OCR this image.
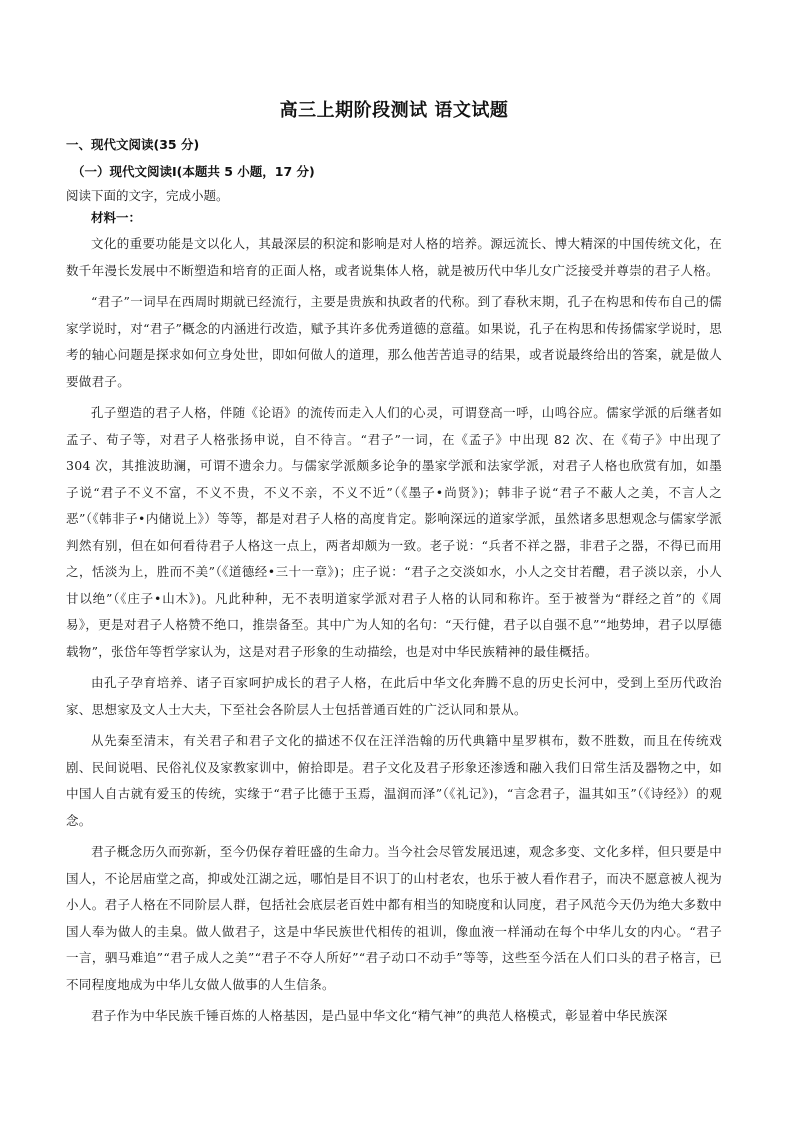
高三上期阶段测试 语文试题
一、现代文阅读(35 分)
（一）现代文阅读Ⅰ(本题共 5 小题，17 分)
阅读下面的文字，完成小题。
材料一：

文化的重要功能是文以化人，其最深层的积淀和影响是对人格的培养。源远流长、博大精深的中国传统文化，在数千年漫长发展中不断塑造和培育的正面人格，或者说集体人格，就是被历代中华儿女广泛接受并尊崇的君子人格。

“君子”一词早在西周时期就已经流行，主要是贵族和执政者的代称。到了春秋末期，孔子在构思和传布自己的儒家学说时，对“君子”概念的内涵进行改造，赋予其许多优秀道德的意蕴。如果说，孔子在构思和传扬儒家学说时，思考的轴心问题是探求如何立身处世，即如何做人的道理，那么他苦苦追寻的结果，或者说最终给出的答案，就是做人要做君子。

孔子塑造的君子人格，伴随《论语》的流传而走入人们的心灵，可谓登高一呼，山鸣谷应。儒家学派的后继者如孟子、荀子等，对君子人格张扬申说，自不待言。“君子”一词，在《孟子》中出现 82 次、在《荀子》中出现了 304 次，其推波助澜，可谓不遗余力。与儒家学派颇多论争的墨家学派和法家学派，对君子人格也欣赏有加，如墨子说“君子不义不富，不义不贵，不义不亲，不义不近”（《墨子•尚贤》)；韩非子说“君子不蔽人之美，不言人之恶”（《韩非子•内储说上》）等等，都是对君子人格的高度肯定。影响深远的道家学派，虽然诸多思想观念与儒家学派判然有别，但在如何看待君子人格这一点上，两者却颇为一致。老子说：“兵者不祥之器，非君子之器，不得已而用之，恬淡为上，胜而不美”（《道德经•三十一章》)；庄子说：“君子之交淡如水，小人之交甘若醴，君子淡以亲，小人甘以绝”（《庄子•山木》)。凡此种种，无不表明道家学派对君子人格的认同和称许。至于被誉为“群经之首”的《周易》，更是对君子人格赞不绝口，推崇备至。其中广为人知的名句：“天行健，君子以自强不息”“地势坤，君子以厚德载物”，张岱年等哲学家认为，这是对君子形象的生动描绘，也是对中华民族精神的最佳概括。

由孔子孕育培养、诸子百家呵护成长的君子人格，在此后中华文化奔腾不息的历史长河中，受到上至历代政治家、思想家及文人士大夫，下至社会各阶层人士包括普通百姓的广泛认同和景从。

从先秦至清末，有关君子和君子文化的描述不仅在汪洋浩翰的历代典籍中星罗棋布，数不胜数，而且在传统戏剧、民间说唱、民俗礼仪及家教家训中，俯拾即是。君子文化及君子形象还渗透和融入我们日常生活及器物之中，如中国人自古就有爱玉的传统，实缘于“君子比德于玉焉，温润而泽”（《礼记》)，“言念君子，温其如玉”（《诗经》）的观念。

君子概念历久而弥新，至今仍保存着旺盛的生命力。当今社会尽管发展迅速，观念多变、文化多样，但只要是中国人，不论居庙堂之高，抑或处江湖之远，哪怕是目不识丁的山村老农，也乐于被人看作君子，而决不愿意被人视为小人。君子人格在不同阶层人群，包括社会底层老百姓中都有相当的知晓度和认同度，君子风范今天仍为绝大多数中国人奉为做人的圭臬。做人做君子，这是中华民族世代相传的祖训，像血液一样涌动在每个中华儿女的内心。“君子一言，驷马难追”“君子成人之美”“君子不夺人所好”“君子动口不动手”等等，这些至今活在人们口头的君子格言，已不同程度地成为中华儿女做人做事的人生信条。

君子作为中华民族千锤百炼的人格基因，是凸显中华文化“精气神”的典范人格模式，彰显着中华民族深
